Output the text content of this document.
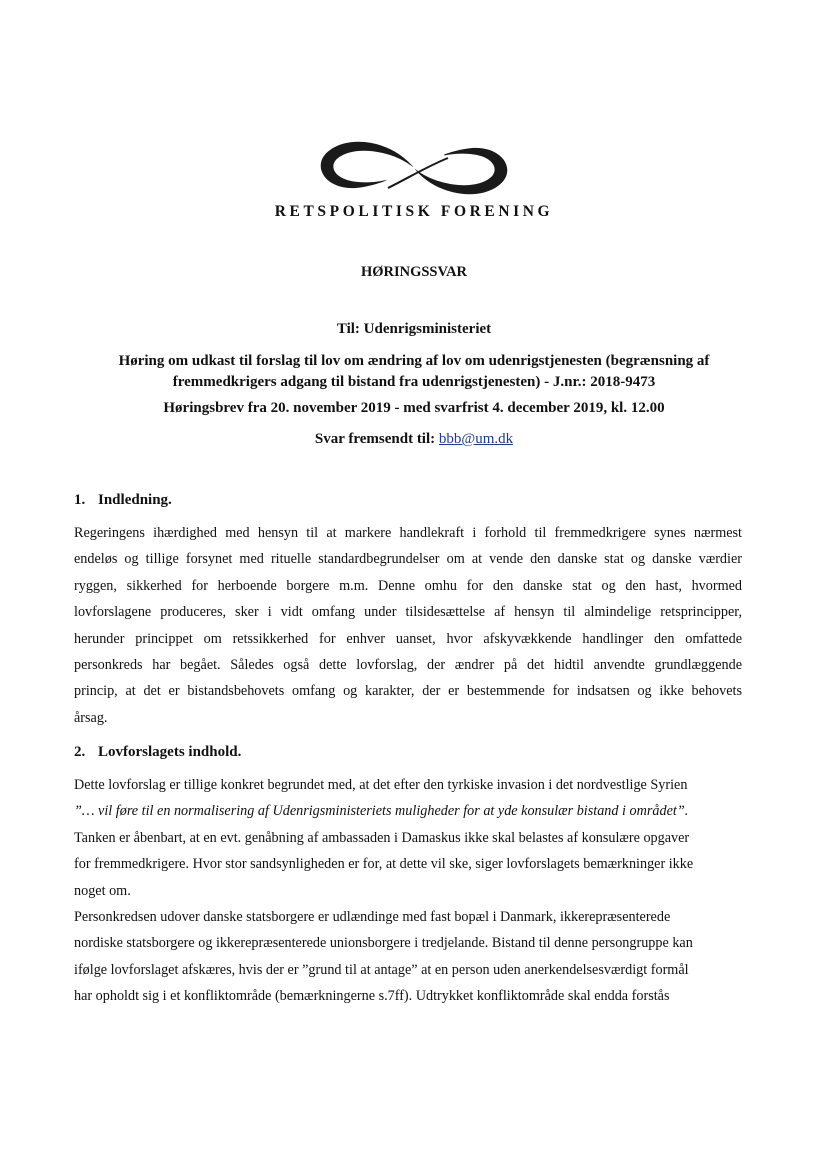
RETSPOLITISK FORENING
HØRINGSSVAR
Til: Udenrigsministeriet
Høring om udkast til forslag til lov om ændring af lov om udenrigstjenesten (begrænsning af
fremmedkrigers adgang til bistand fra udenrigstjenesten) - J.nr.: 2018-9473
Høringsbrev fra 20. november 2019 - med svarfrist 4. december 2019, kl. 12.00
Svar fremsendt til: bbb@um.dk
1. Indledning.
Regeringens ihærdighed med hensyn til at markere handlekraft i forhold til fremmedkrigere synes nærmest
endeløs og tillige forsynet med rituelle standardbegrundelser om at vende den danske stat og danske værdier
ryggen, sikkerhed for herboende borgere m.m. Denne omhu for den danske stat og den hast, hvormed
lovforslagene produceres, sker i vidt omfang under tilsidesættelse af hensyn til almindelige retsprincipper,
herunder princippet om retssikkerhed for enhver uanset, hvor afskyvækkende handlinger den omfattede
personkreds har begået. Således også dette lovforslag, der ændrer på det hidtil anvendte grundlæggende
princip, at det er bistandsbehovets omfang og karakter, der er bestemmende for indsatsen og ikke behovets
årsag.
2. Lovforslagets indhold.
Dette lovforslag er tillige konkret begrundet med, at det efter den tyrkiske invasion i det nordvestlige Syrien
”… vil føre til en normalisering af Udenrigsministeriets muligheder for at yde konsulær bistand i området”.
Tanken er åbenbart, at en evt. genåbning af ambassaden i Damaskus ikke skal belastes af konsulære opgaver
for fremmedkrigere. Hvor stor sandsynligheden er for, at dette vil ske, siger lovforslagets bemærkninger ikke
noget om.
Personkredsen udover danske statsborgere er udlændinge med fast bopæl i Danmark, ikkerepræsenterede
nordiske statsborgere og ikkerepræsenterede unionsborgere i tredjelande. Bistand til denne persongruppe kan
ifølge lovforslaget afskæres, hvis der er ”grund til at antage” at en person uden anerkendelsesværdigt formål
har opholdt sig i et konfliktområde (bemærkningerne s.7ff). Udtrykket konfliktområde skal endda forstås
